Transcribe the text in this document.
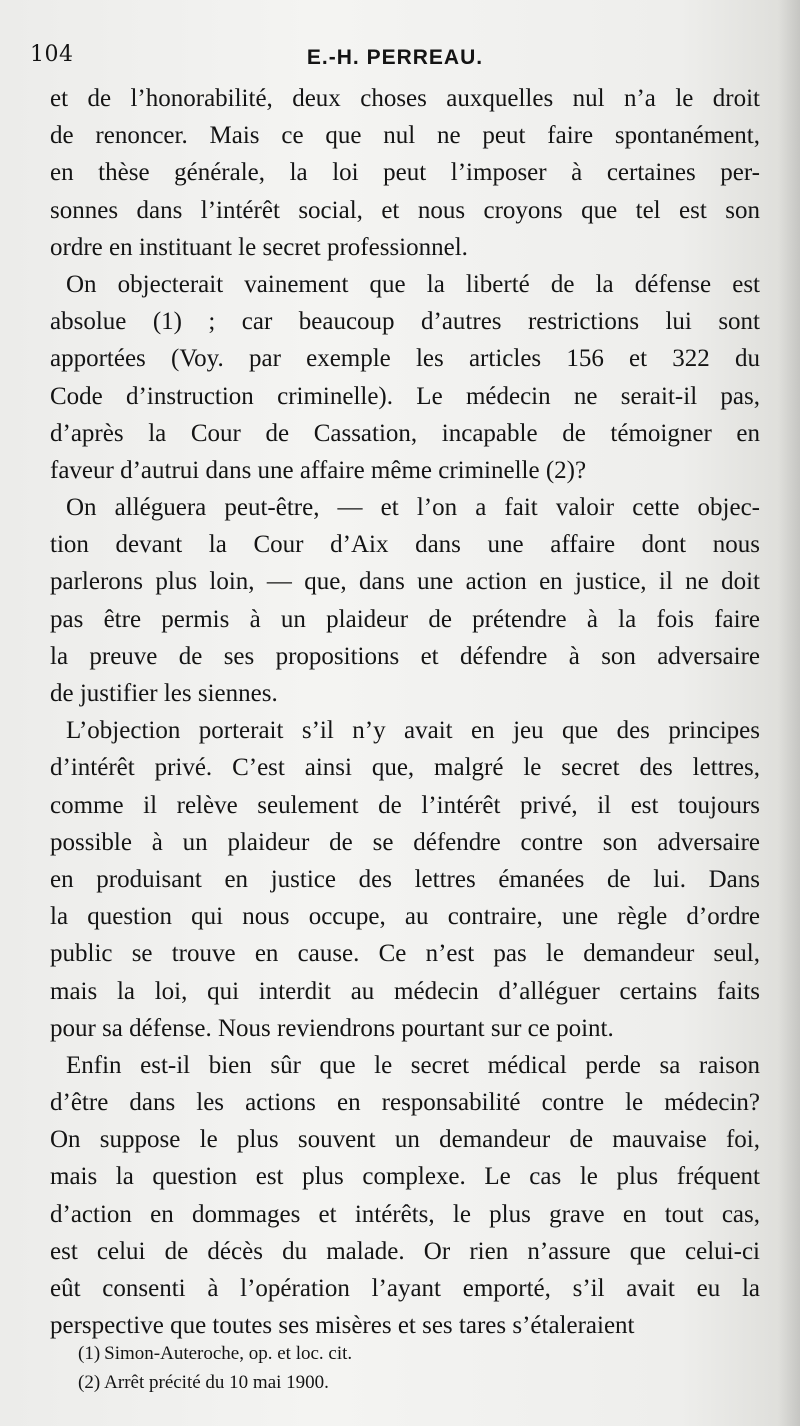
104	E.-H. PERREAU.
et de l’honorabilité, deux choses auxquelles nul n’a le droit
de renoncer. Mais ce que nul ne peut faire spontanément,
en thèse générale, la loi peut l’imposer à certaines per-
sonnes dans l’intérêt social, et nous croyons que tel est son
ordre en instituant le secret professionnel.
On objecterait vainement que la liberté de la défense est
absolue (1) ; car beaucoup d’autres restrictions lui sont
apportées (Voy. par exemple les articles 156 et 322 du
Code d’instruction criminelle). Le médecin ne serait-il pas,
d’après la Cour de Cassation, incapable de témoigner en
faveur d’autrui dans une affaire même criminelle (2)?
On alléguera peut-être, — et l’on a fait valoir cette objec-
tion devant la Cour d’Aix dans une affaire dont nous
parlerons plus loin, — que, dans une action en justice, il ne doit
pas être permis à un plaideur de prétendre à la fois faire
la preuve de ses propositions et défendre à son adversaire
de justifier les siennes.
L’objection porterait s’il n’y avait en jeu que des principes
d’intérêt privé. C’est ainsi que, malgré le secret des lettres,
comme il relève seulement de l’intérêt privé, il est toujours
possible à un plaideur de se défendre contre son adversaire
en produisant en justice des lettres émanées de lui. Dans
la question qui nous occupe, au contraire, une règle d’ordre
public se trouve en cause. Ce n’est pas le demandeur seul,
mais la loi, qui interdit au médecin d’alléguer certains faits
pour sa défense. Nous reviendrons pourtant sur ce point.
Enfin est-il bien sûr que le secret médical perde sa raison
d’être dans les actions en responsabilité contre le médecin?
On suppose le plus souvent un demandeur de mauvaise foi,
mais la question est plus complexe. Le cas le plus fréquent
d’action en dommages et intérêts, le plus grave en tout cas,
est celui de décès du malade. Or rien n’assure que celui-ci
eût consenti à l’opération l’ayant emporté, s’il avait eu la
perspective que toutes ses misères et ses tares s’étaleraient
(1) Simon-Auteroche, op. et loc. cit.
(2) Arrêt précité du 10 mai 1900.
